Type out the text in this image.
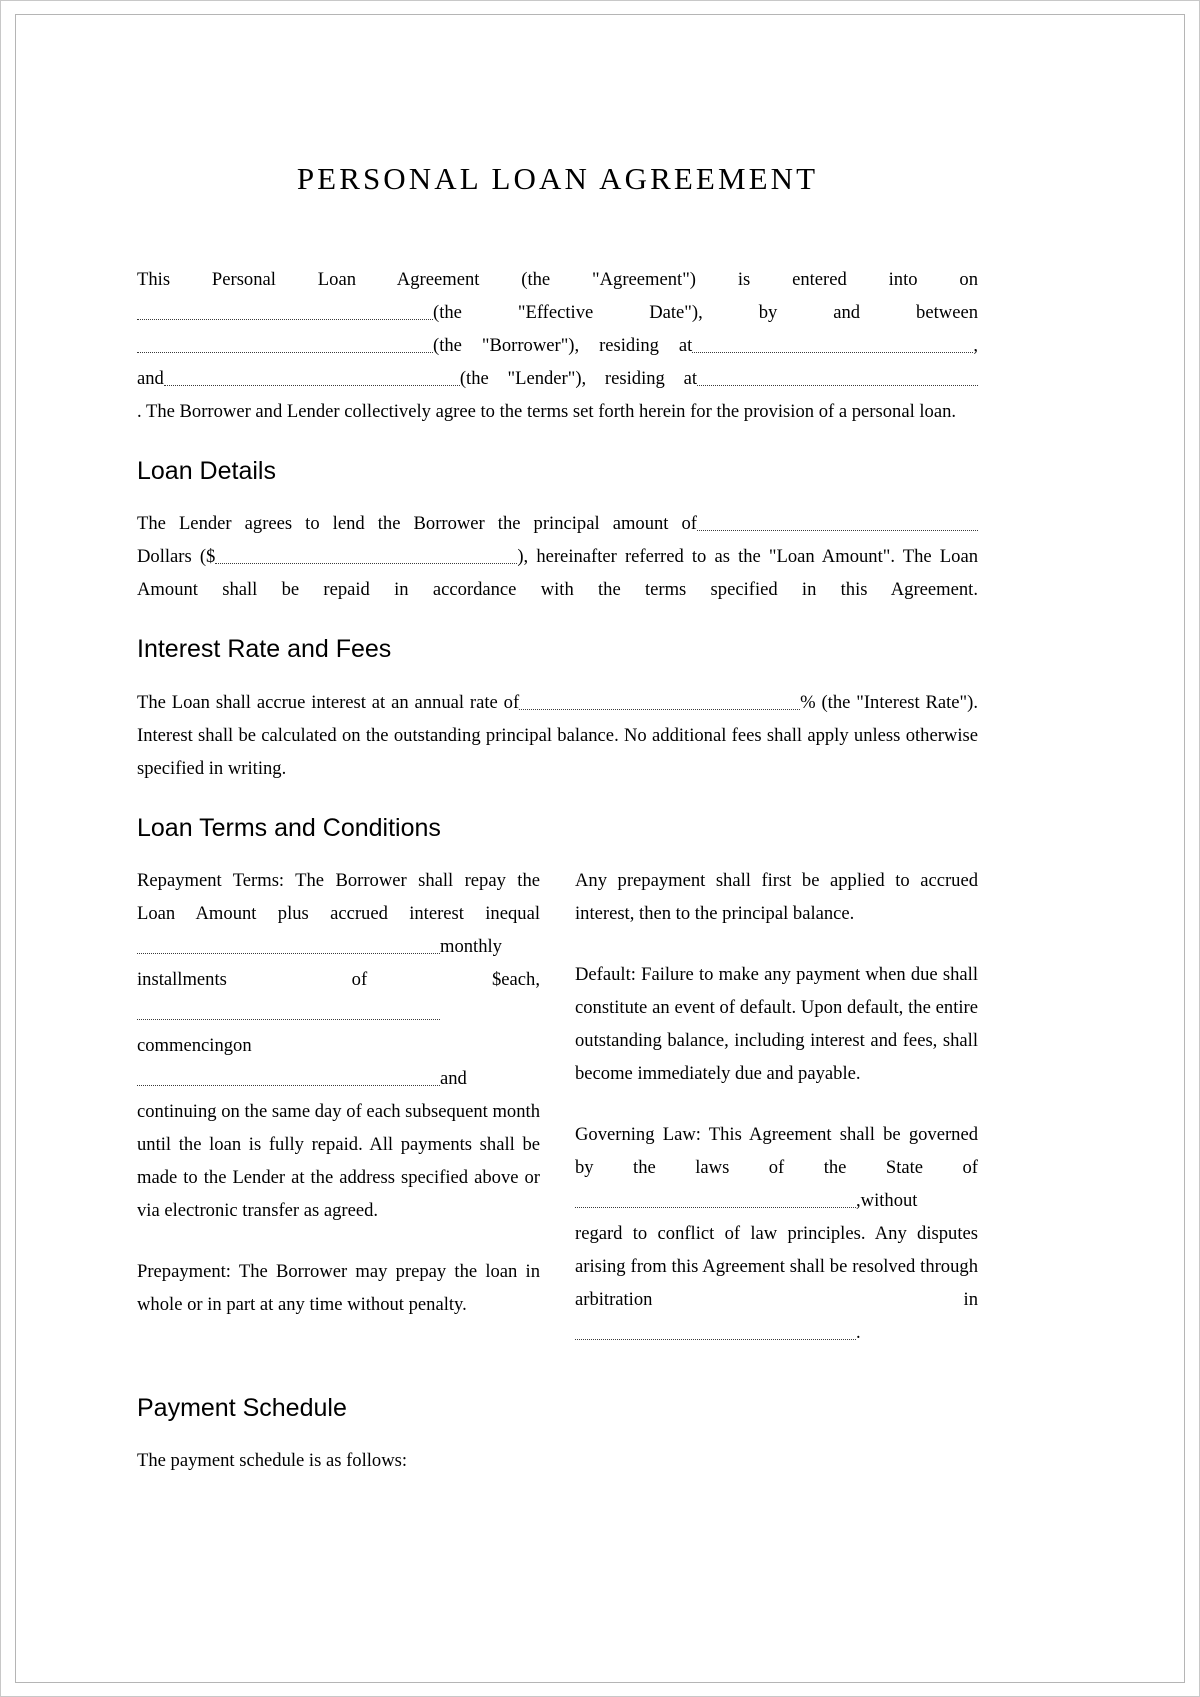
PERSONAL LOAN AGREEMENT
This Personal Loan Agreement (the "Agreement") is entered into on
(the "Effective Date"), by and between
(the "Borrower"), residing at	,
and	(the "Lender"), residing at
. The Borrower and Lender collectively agree to the terms set forth herein for the provision of a personal loan.
Loan Details
The Lender agrees to lend the Borrower the principal amount of
Dollars ($	), hereinafter referred to as the "Loan Amount". The Loan Amount shall be repaid in accordance with the terms specified in this Agreement.
Interest Rate and Fees
The Loan shall accrue interest at an annual rate of	% (the "Interest Rate"). Interest shall be calculated on the outstanding principal balance. No additional fees shall apply unless otherwise specified in writing.
Loan Terms and Conditions
Repayment Terms: The Borrower shall repay the Loan Amount plus accrued interest inequal
monthly installments of $each,
commencingon
and
continuing on the same day of each subsequent month until the loan is fully repaid. All payments shall be made to the Lender at the address specified above or via electronic transfer as agreed.
Prepayment: The Borrower may prepay the loan in whole or in part at any time without penalty.
Any prepayment shall first be applied to accrued interest, then to the principal balance.
Default: Failure to make any payment when due shall constitute an event of default. Upon default, the entire outstanding balance, including interest and fees, shall become immediately due and payable.
Governing Law: This Agreement shall be governed by the laws of the State of
,without
regard to conflict of law principles. Any disputes arising from this Agreement shall be resolved through arbitration in
.
Payment Schedule
The payment schedule is as follows:
